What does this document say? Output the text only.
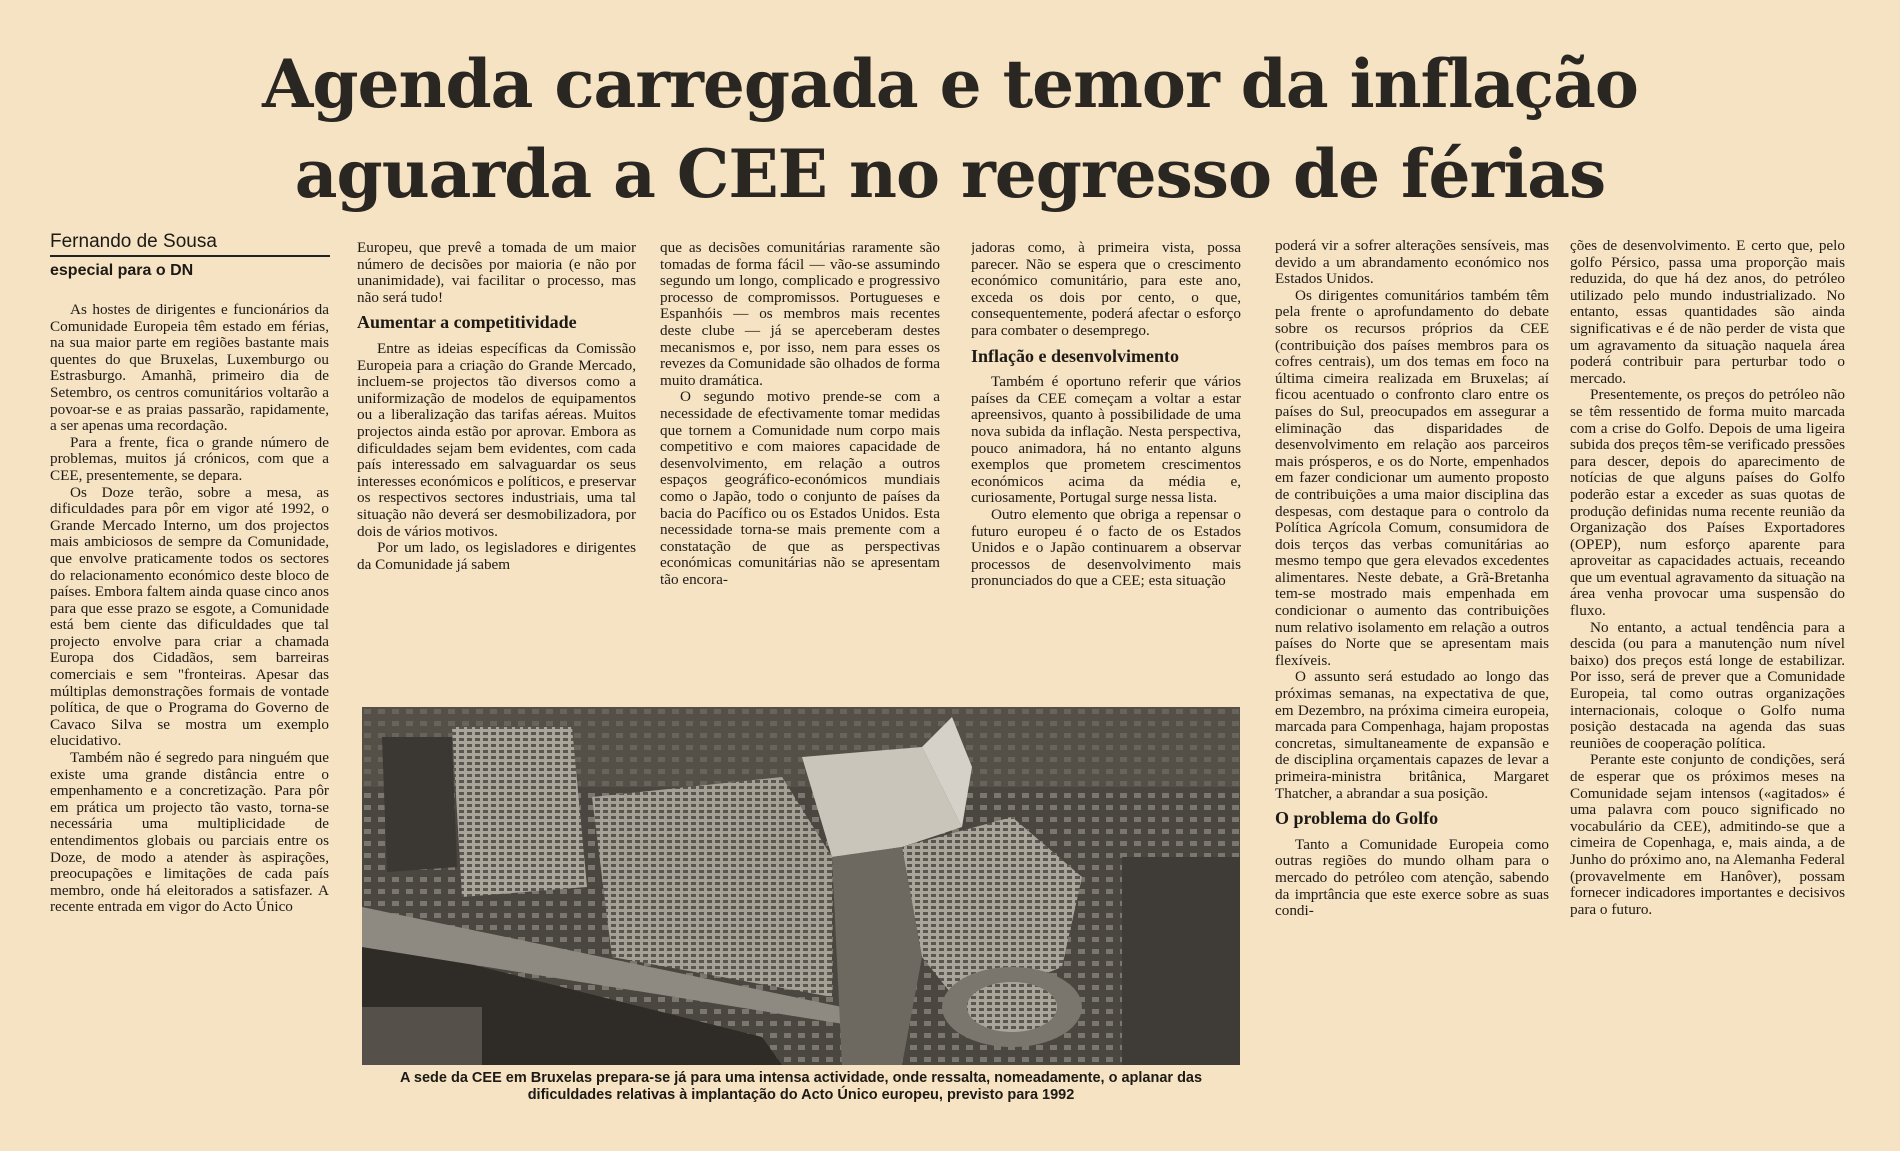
Agenda carregada e temor da inflação
aguarda a CEE no regresso de férias
Fernando de Sousa
especial para o DN

As hostes de dirigentes e funcionários da Comunidade Europeia têm estado em férias, na sua maior parte em regiões bastante mais quentes do que Bruxelas, Luxemburgo ou Estrasburgo. Amanhã, primeiro dia de Setembro, os centros comunitários voltarão a povoar-se e as praias passarão, rapidamente, a ser apenas uma recordação.

Para a frente, fica o grande número de problemas, muitos já crónicos, com que a CEE, presentemente, se depara.

Os Doze terão, sobre a mesa, as dificuldades para pôr em vigor até 1992, o Grande Mercado Interno, um dos projectos mais ambiciosos de sempre da Comunidade, que envolve praticamente todos os sectores do relacionamento económico deste bloco de países. Embora faltem ainda quase cinco anos para que esse prazo se esgote, a Comunidade está bem ciente das dificuldades que tal projecto envolve para criar a chamada Europa dos Cidadãos, sem barreiras comerciais e sem "fronteiras. Apesar das múltiplas demonstrações formais de vontade política, de que o Programa do Governo de Cavaco Silva se mostra um exemplo elucidativo.

Também não é segredo para ninguém que existe uma grande distância entre o empenhamento e a concretização. Para pôr em prática um projecto tão vasto, torna-se necessária uma multiplicidade de entendimentos globais ou parciais entre os Doze, de modo a atender às aspirações, preocupações e limitações de cada país membro, onde há eleitorados a satisfazer. A recente entrada em vigor do Acto Único

Europeu, que prevê a tomada de um maior número de decisões por maioria (e não por unanimidade), vai facilitar o processo, mas não será tudo!

Aumentar a competitividade

Entre as ideias específicas da Comissão Europeia para a criação do Grande Mercado, incluem-se projectos tão diversos como a uniformização de modelos de equipamentos ou a liberalização das tarifas aéreas. Muitos projectos ainda estão por aprovar. Embora as dificuldades sejam bem evidentes, com cada país interessado em salvaguardar os seus interesses económicos e políticos, e preservar os respectivos sectores industriais, uma tal situação não deverá ser desmobilizadora, por dois de vários motivos.

Por um lado, os legisladores e dirigentes da Comunidade já sabem

que as decisões comunitárias raramente são tomadas de forma fácil — vão-se assumindo segundo um longo, complicado e progressivo processo de compromissos. Portugueses e Espanhóis — os membros mais recentes deste clube — já se aperceberam destes mecanismos e, por isso, nem para esses os revezes da Comunidade são olhados de forma muito dramática.

O segundo motivo prende-se com a necessidade de efectivamente tomar medidas que tornem a Comunidade num corpo mais competitivo e com maiores capacidade de desenvolvimento, em relação a outros espaços geográfico-económicos mundiais como o Japão, todo o conjunto de países da bacia do Pacífico ou os Estados Unidos. Esta necessidade torna-se mais premente com a constatação de que as perspectivas económicas comunitárias não se apresentam tão encora-

jadoras como, à primeira vista, possa parecer. Não se espera que o crescimento económico comunitário, para este ano, exceda os dois por cento, o que, consequentemente, poderá afectar o esforço para combater o desemprego.

Inflação e desenvolvimento

Também é oportuno referir que vários países da CEE começam a voltar a estar apreensivos, quanto à possibilidade de uma nova subida da inflação. Nesta perspectiva, pouco animadora, há no entanto alguns exemplos que prometem crescimentos económicos acima da média e, curiosamente, Portugal surge nessa lista.

Outro elemento que obriga a repensar o futuro europeu é o facto de os Estados Unidos e o Japão continuarem a observar processos de desenvolvimento mais pronunciados do que a CEE; esta situação

poderá vir a sofrer alterações sensíveis, mas devido a um abrandamento económico nos Estados Unidos.

Os dirigentes comunitários também têm pela frente o aprofundamento do debate sobre os recursos próprios da CEE (contribuição dos países membros para os cofres centrais), um dos temas em foco na última cimeira realizada em Bruxelas; aí ficou acentuado o confronto claro entre os países do Sul, preocupados em assegurar a eliminação das disparidades de desenvolvimento em relação aos parceiros mais prósperos, e os do Norte, empenhados em fazer condicionar um aumento proposto de contribuições a uma maior disciplina das despesas, com destaque para o controlo da Política Agrícola Comum, consumidora de dois terços das verbas comunitárias ao mesmo tempo que gera elevados excedentes alimentares. Neste debate, a Grã-Bretanha tem-se mostrado mais empenhada em condicionar o aumento das contribuições num relativo isolamento em relação a outros países do Norte que se apresentam mais flexíveis.

O assunto será estudado ao longo das próximas semanas, na expectativa de que, em Dezembro, na próxima cimeira europeia, marcada para Compenhaga, hajam propostas concretas, simultaneamente de expansão e de disciplina orçamentais capazes de levar a primeira-ministra britânica, Margaret Thatcher, a abrandar a sua posição.

O problema do Golfo

Tanto a Comunidade Europeia como outras regiões do mundo olham para o mercado do petróleo com atenção, sabendo da imprtância que este exerce sobre as suas condi-

ções de desenvolvimento. E certo que, pelo golfo Pérsico, passa uma proporção mais reduzida, do que há dez anos, do petróleo utilizado pelo mundo industrializado. No entanto, essas quantidades são ainda significativas e é de não perder de vista que um agravamento da situação naquela área poderá contribuir para perturbar todo o mercado.

Presentemente, os preços do petróleo não se têm ressentido de forma muito marcada com a crise do Golfo. Depois de uma ligeira subida dos preços têm-se verificado pressões para descer, depois do aparecimento de notícias de que alguns países do Golfo poderão estar a exceder as suas quotas de produção definidas numa recente reunião da Organização dos Países Exportadores (OPEP), num esforço aparente para aproveitar as capacidades actuais, receando que um eventual agravamento da situação na área venha provocar uma suspensão do fluxo.

No entanto, a actual tendência para a descida (ou para a manutenção num nível baixo) dos preços está longe de estabilizar. Por isso, será de prever que a Comunidade Europeia, tal como outras organizações internacionais, coloque o Golfo numa posição destacada na agenda das suas reuniões de cooperação política.

Perante este conjunto de condições, será de esperar que os próximos meses na Comunidade sejam intensos («agitados» é uma palavra com pouco significado no vocabulário da CEE), admitindo-se que a cimeira de Copenhaga, e, mais ainda, a de Junho do próximo ano, na Alemanha Federal (provavelmente em Hanôver), possam fornecer indicadores importantes e decisivos para o futuro.

A sede da CEE em Bruxelas prepara-se já para uma intensa actividade, onde ressalta, nomeadamente, o aplanar das
dificuldades relativas à implantação do Acto Único europeu, previsto para 1992
